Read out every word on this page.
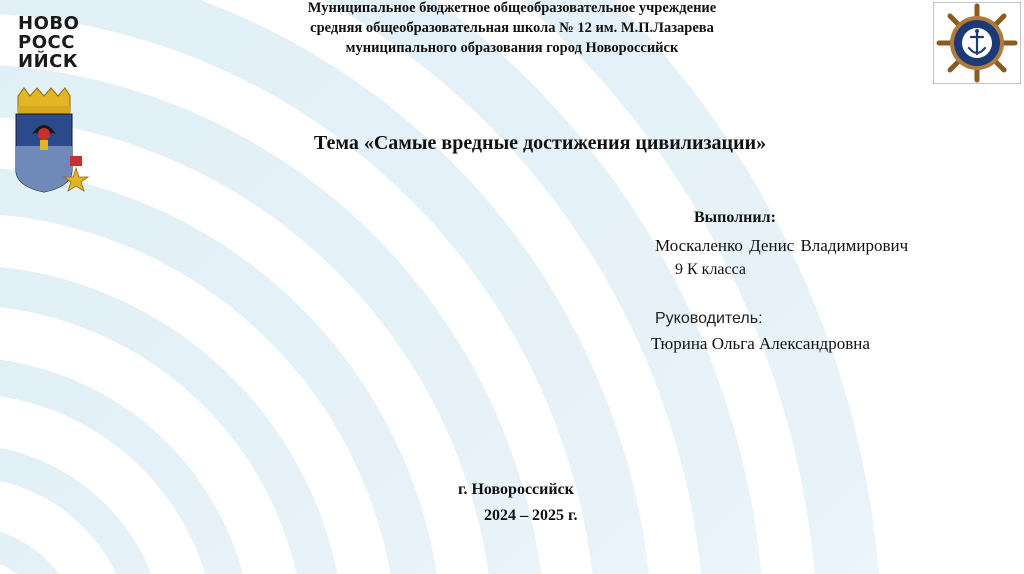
НОВО
РОСС
ИЙСК
Муниципальное бюджетное общеобразовательное учреждение
средняя общеобразовательная школа № 12 им. М.П.Лазарева
муниципального образования город Новороссийск
Тема «Самые вредные достижения цивилизации»
Выполнил:
Москаленко Денис Владимирович
9 К класса
Руководитель:
Тюрина Ольга Александровна
г. Новороссийск
2024 – 2025 г.
